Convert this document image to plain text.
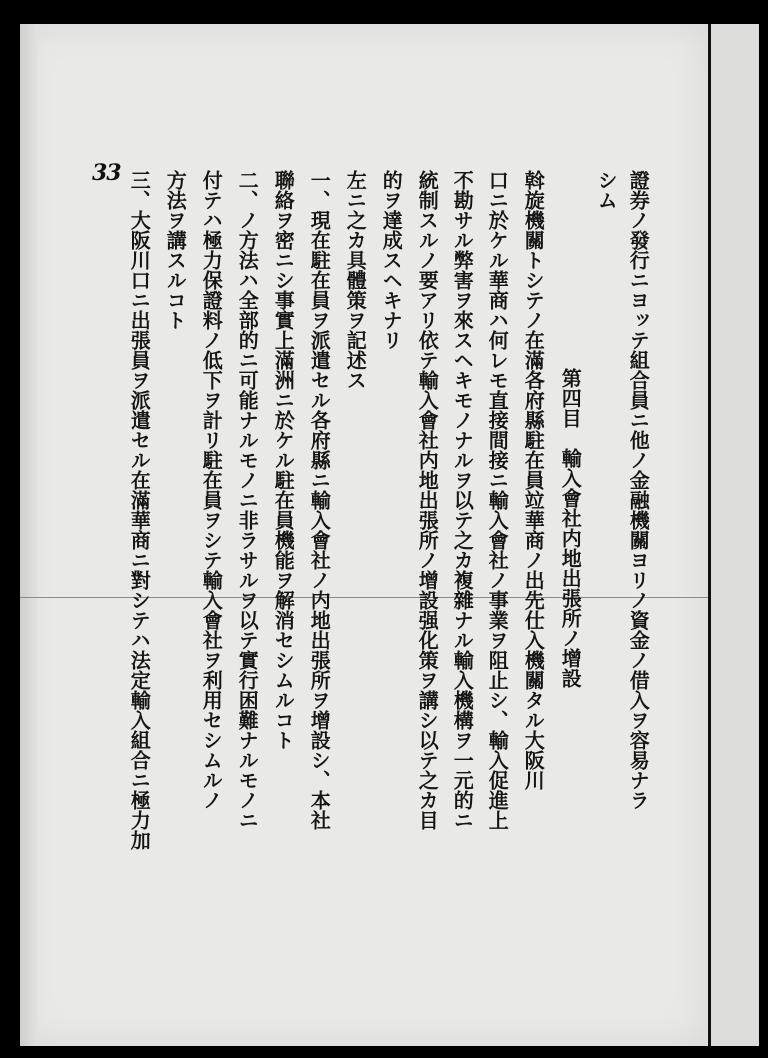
33	證券ノ發行ニヨッテ組合員ニ他ノ金融機關ヨリノ資金ノ借入ヲ容易ナラ
シム
第四目　輸入會社内地出張所ノ增設
斡旋機關トシテノ在滿各府縣駐在員竝華商ノ出先仕入機關タル大阪川
口ニ於ケル華商ハ何レモ直接間接ニ輸入會社ノ事業ヲ阻止シ、輸入促進上
不勘サル弊害ヲ來スヘキモノナルヲ以テ之カ複雜ナル輸入機構ヲ一元的ニ
統制スルノ要アリ依テ輸入會社内地出張所ノ增設强化策ヲ講シ以テ之カ目
的ヲ達成スヘキナリ
左ニ之カ具體策ヲ記述ス
一、現在駐在員ヲ派遣セル各府縣ニ輸入會社ノ内地出張所ヲ增設シ、本社
聯絡ヲ密ニシ事實上滿洲ニ於ケル駐在員機能ヲ解消セシムルコト
二、ノ方法ハ全部的ニ可能ナルモノニ非ラサルヲ以テ實行困難ナルモノニ
付テハ極力保證料ノ低下ヲ計リ駐在員ヲシテ輸入會社ヲ利用セシムルノ
方法ヲ講スルコト
三、大阪川口ニ出張員ヲ派遣セル在滿華商ニ對シテハ法定輸入組合ニ極力加
